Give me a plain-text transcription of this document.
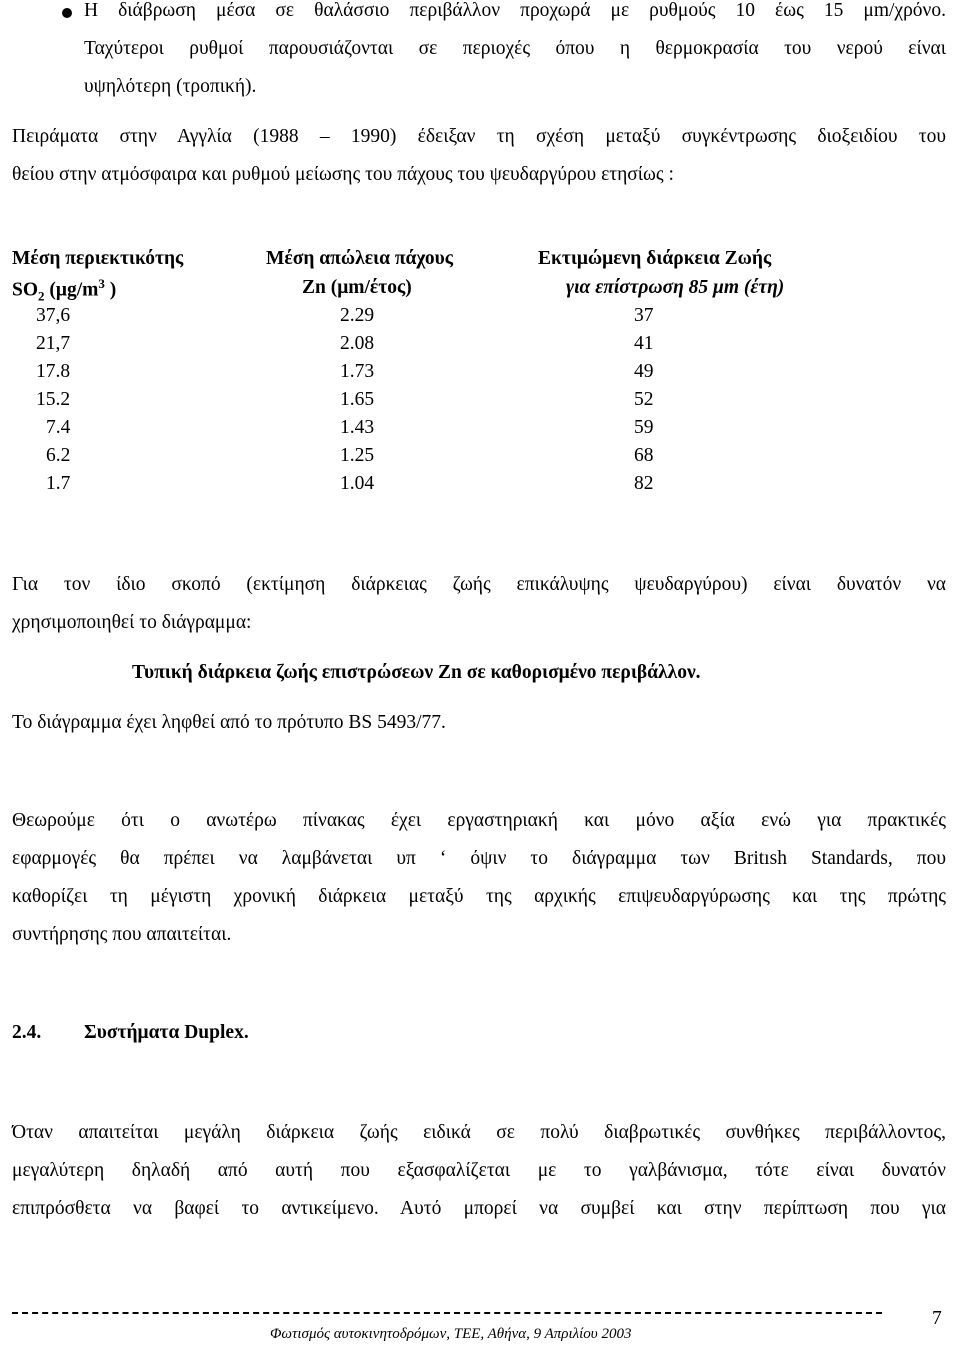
Η διάβρωση μέσα σε θαλάσσιο περιβάλλον προχωρά με ρυθμούς 10 έως 15 μm/χρόνο.
Ταχύτεροι ρυθμοί παρουσιάζονται σε περιοχές όπου η θερμοκρασία του νερού είναι
υψηλότερη (τροπική).
Πειράματα στην Αγγλία (1988 – 1990) έδειξαν τη σχέση μεταξύ συγκέντρωσης διοξειδίου του
θείου στην ατμόσφαιρα και ρυθμού μείωσης του πάχους του ψευδαργύρου ετησίως :
Μέση περιεκτικότης	Μέση απώλεια πάχους	Εκτιμώμενη διάρκεια Ζωής
$SO_2$ ($\mu g/m^3$ )	Zn (μm/έτος)	για επίστρωση 85 μm (έτη)
37,6	2.29	37
21,7	2.08	41
17.8	1.73	49
15.2	1.65	52
7.4	1.43	59
6.2	1.25	68
1.7	1.04	82
Για τον ίδιο σκοπό (εκτίμηση διάρκειας ζωής επικάλυψης ψευδαργύρου) είναι δυνατόν να
χρησιμοποιηθεί το διάγραμμα:
Τυπική διάρκεια ζωής επιστρώσεων Zn σε καθορισμένο περιβάλλον.
Το διάγραμμα έχει ληφθεί από το πρότυπο BS 5493/77.
Θεωρούμε ότι ο ανωτέρω πίνακας έχει εργαστηριακή και μόνο αξία ενώ για πρακτικές
εφαρμογές θα πρέπει να λαμβάνεται υπ ‘ όψιν το διάγραμμα των Britısh Standards, που
καθορίζει τη μέγιστη χρονική διάρκεια μεταξύ της αρχικής επιψευδαργύρωσης και της πρώτης
συντήρησης που απαιτείται.
2.4. Συστήματα Duplex.
Όταν απαιτείται μεγάλη διάρκεια ζωής ειδικά σε πολύ διαβρωτικές συνθήκες περιβάλλοντος,
μεγαλύτερη δηλαδή από αυτή που εξασφαλίζεται με το γαλβάνισμα, τότε είναι δυνατόν
επιπρόσθετα να βαφεί το αντικείμενο. Αυτό μπορεί να συμβεί και στην περίπτωση που για
7
Φωτισμός αυτοκινητοδρόμων, ΤΕΕ, Αθήνα, 9 Απριλίου 2003
